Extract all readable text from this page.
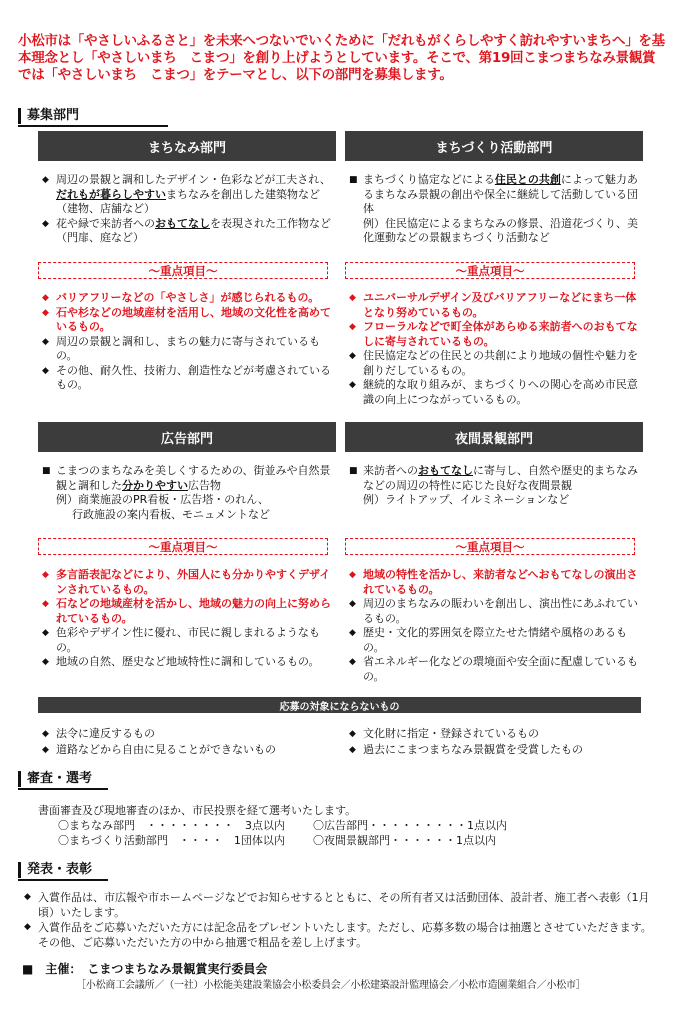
小松市は「やさしいふるさと」を未来へつないでいくために「だれもがくらしやすく訪れやすいまちへ」を基本理念とし「やさしいまち　こまつ」を創り上げようとしています。そこで、第19回こまつまちなみ景観賞では「やさしいまち　こまつ」をテーマとし、以下の部門を募集します。
募集部門
まちなみ部門
◆ 周辺の景観と調和したデザイン・色彩などが工夫され、だれもが暮らしやすいまちなみを創出した建築物など（建物、店舗など）
◆ 花や緑で来訪者へのおもてなしを表現された工作物など（門扉、庭など）
～重点項目～
◆ バリアフリーなどの「やさしさ」が感じられるもの。
◆ 石や杉などの地域産材を活用し、地域の文化性を高めているもの。
◆ 周辺の景観と調和し、まちの魅力に寄与されているもの。
◆ その他、耐久性、技術力、創造性などが考慮されているもの。
まちづくり活動部門
■ まちづくり協定などによる住民との共創によって魅力あるまちなみ景観の創出や保全に継続して活動している団体
例）住民協定によるまちなみの修景、沿道花づくり、美化運動などの景観まちづくり活動など
～重点項目～
◆ ユニバーサルデザイン及びバリアフリーなどにまち一体となり努めているもの。
◆ フローラルなどで町全体があらゆる来訪者へのおもてなしに寄与されているもの。
◆ 住民協定などの住民との共創により地域の個性や魅力を創りだしているもの。
◆ 継続的な取り組みが、まちづくりへの関心を高め市民意識の向上につながっているもの。
広告部門
■ こまつのまちなみを美しくするための、街並みや自然景観と調和した分かりやすい広告物
例）商業施設のPR看板・広告塔・のれん、
行政施設の案内看板、モニュメントなど
～重点項目～
◆ 多言語表記などにより、外国人にも分かりやすくデザインされているもの。
◆ 石などの地域産材を活かし、地域の魅力の向上に努められているもの。
◆ 色彩やデザイン性に優れ、市民に親しまれるようなもの。
◆ 地域の自然、歴史など地域特性に調和しているもの。
夜間景観部門
■ 来訪者へのおもてなしに寄与し、自然や歴史的まちなみなどの周辺の特性に応じた良好な夜間景観
例）ライトアップ、イルミネーションなど
～重点項目～
◆ 地域の特性を活かし、来訪者などへおもてなしの演出されているもの。
◆ 周辺のまちなみの賑わいを創出し、演出性にあふれているもの。
◆ 歴史・文化的雰囲気を際立たせた情緒や風格のあるもの。
◆ 省エネルギー化などの環境面や安全面に配慮しているもの。
応募の対象にならないもの
◆ 法令に違反するもの
◆ 道路などから自由に見ることができないもの
◆ 文化財に指定・登録されているもの
◆ 過去にこまつまちなみ景観賞を受賞したもの
審査・選考
書面審査及び現地審査のほか、市民投票を経て選考いたします。
〇まちなみ部門　・・・・・・・・　3点以内
〇まちづくり活動部門　・・・・　1団体以内
〇広告部門・・・・・・・・・1点以内
〇夜間景観部門・・・・・・1点以内
発表・表彰
◆ 入賞作品は、市広報や市ホームページなどでお知らせするとともに、その所有者又は活動団体、設計者、施工者へ表彰（1月頃）いたします。
◆ 入賞作品をご応募いただいた方には記念品をプレゼントいたします。ただし、応募多数の場合は抽選とさせていただきます。その他、ご応募いただいた方の中から抽選で粗品を差し上げます。
■　主催：　こまつまちなみ景観賞実行委員会
［小松商工会議所／（一社）小松能美建設業協会小松委員会／小松建築設計監理協会／小松市造園業組合／小松市］
